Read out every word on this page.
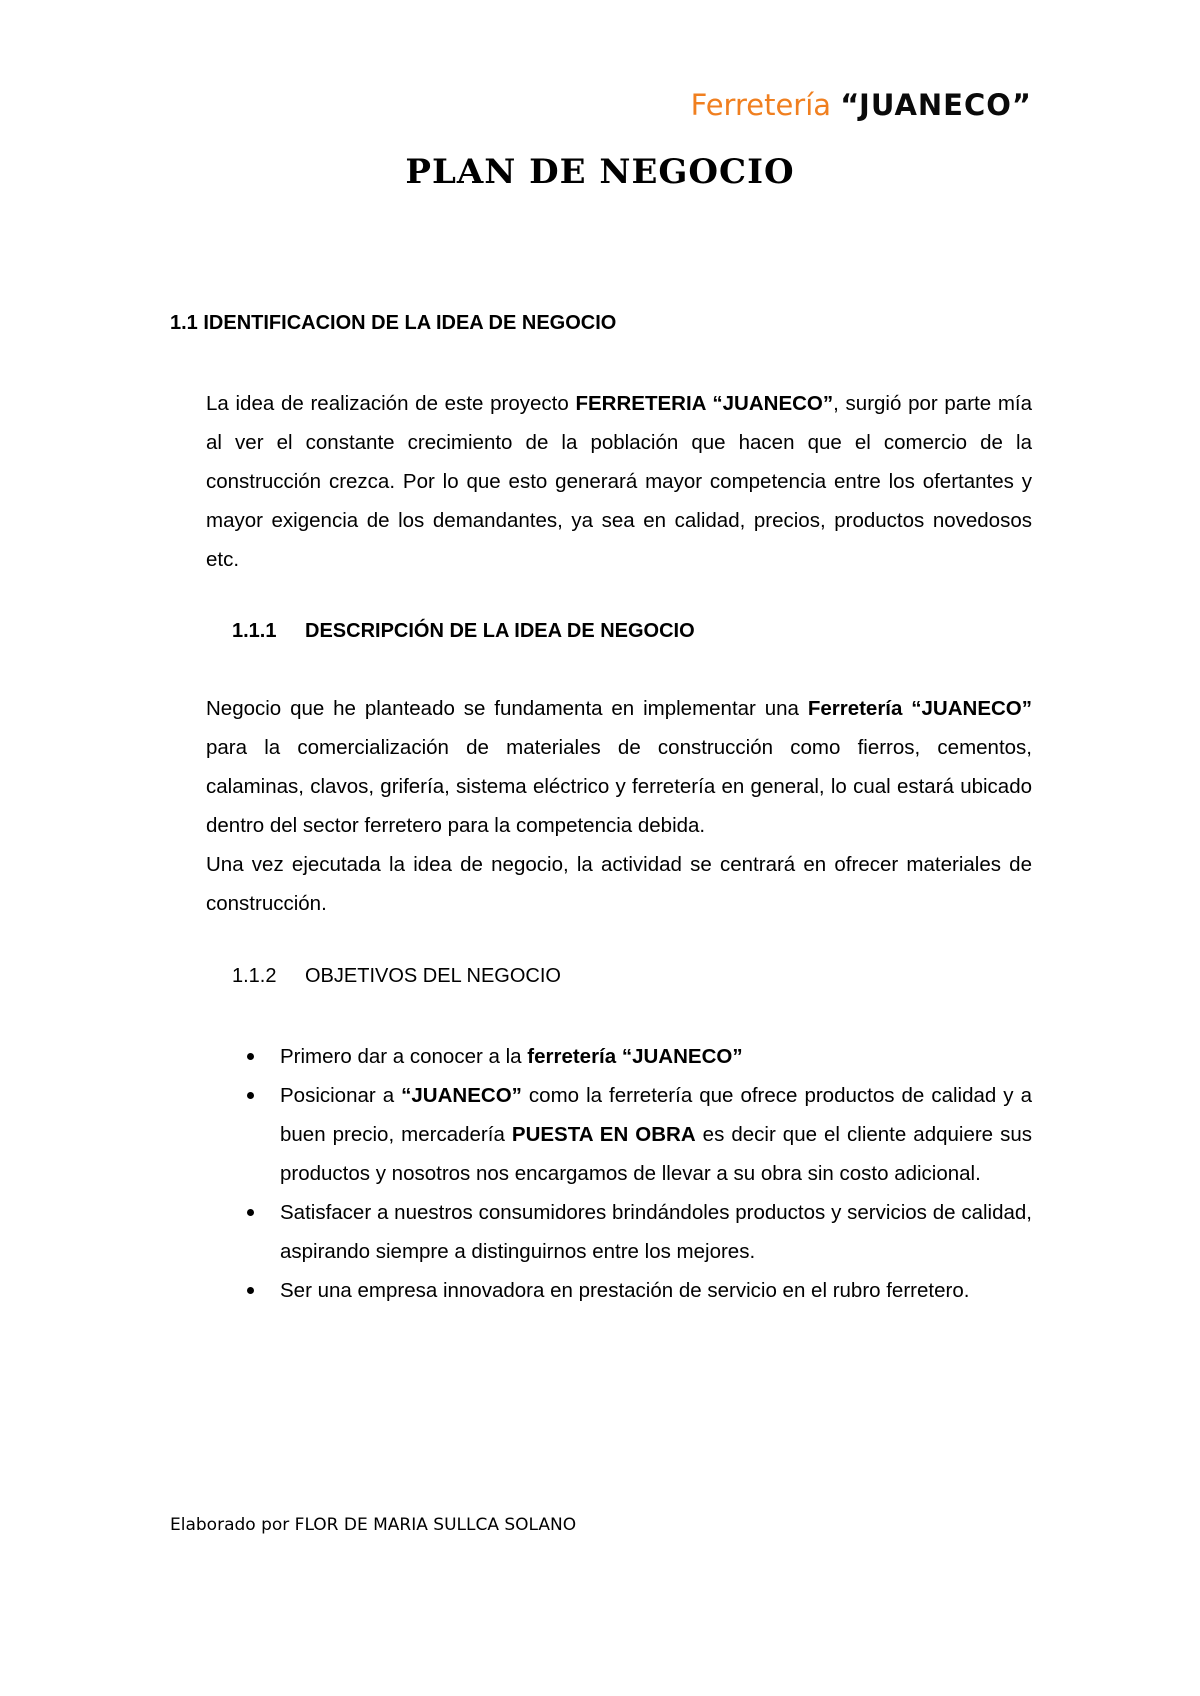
Ferretería “JUANECO”
PLAN DE NEGOCIO
1.1 IDENTIFICACION DE LA IDEA DE NEGOCIO

La idea de realización de este proyecto FERRETERIA “JUANECO”, surgió por parte mía al ver el constante crecimiento de la población que hacen que el comercio de la construcción crezca. Por lo que esto generará mayor competencia entre los ofertantes y mayor exigencia de los demandantes, ya sea en calidad, precios, productos novedosos etc.

1.1.1 DESCRIPCIÓN DE LA IDEA DE NEGOCIO

Negocio que he planteado se fundamenta en implementar una Ferretería “JUANECO” para la comercialización de materiales de construcción como fierros, cementos, calaminas, clavos, grifería, sistema eléctrico y ferretería en general, lo cual estará ubicado dentro del sector ferretero para la competencia debida.
Una vez ejecutada la idea de negocio, la actividad se centrará en ofrecer materiales de construcción.

1.1.2 OBJETIVOS DEL NEGOCIO
Primero dar a conocer a la ferretería “JUANECO”
Posicionar a “JUANECO” como la ferretería que ofrece productos de calidad y a buen precio, mercadería PUESTA EN OBRA es decir que el cliente adquiere sus productos y nosotros nos encargamos de llevar a su obra sin costo adicional.
Satisfacer a nuestros consumidores brindándoles productos y servicios de calidad, aspirando siempre a distinguirnos entre los mejores.
Ser una empresa innovadora en prestación de servicio en el rubro ferretero.
Elaborado por FLOR DE MARIA SULLCA SOLANO
